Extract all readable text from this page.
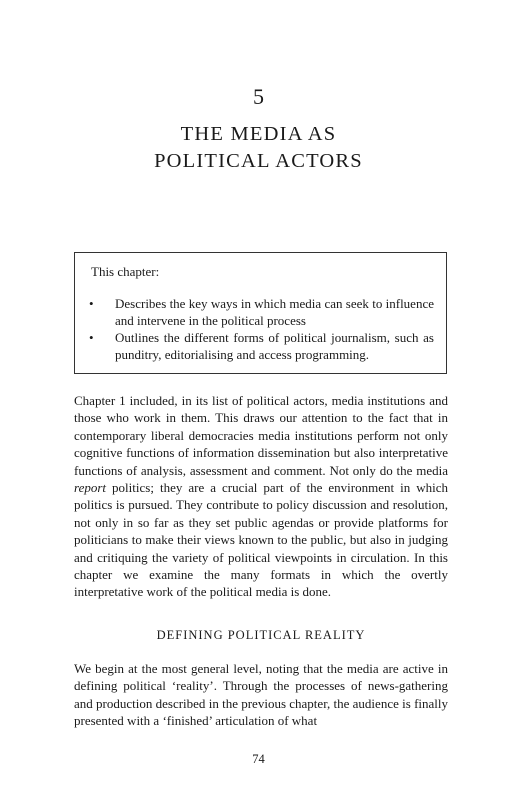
5
THE MEDIA AS
POLITICAL ACTORS
This chapter:
• Describes the key ways in which media can seek to influence and intervene in the political process
• Outlines the different forms of political journalism, such as punditry, editorialising and access programming.

Chapter 1 included, in its list of political actors, media institutions and those who work in them. This draws our attention to the fact that in contemporary liberal democracies media institutions perform not only cognitive functions of information dissemination but also interpretative functions of analysis, assessment and comment. Not only do the media report politics; they are a crucial part of the environment in which politics is pursued. They contribute to policy discussion and resolution, not only in so far as they set public agendas or provide platforms for politicians to make their views known to the public, but also in judging and critiquing the variety of political viewpoints in circulation. In this chapter we examine the many formats in which the overtly interpretative work of the political media is done.

DEFINING POLITICAL REALITY

We begin at the most general level, noting that the media are active in defining political ‘reality’. Through the processes of news-gathering and production described in the previous chapter, the audience is finally presented with a ‘finished’ articulation of what

74
